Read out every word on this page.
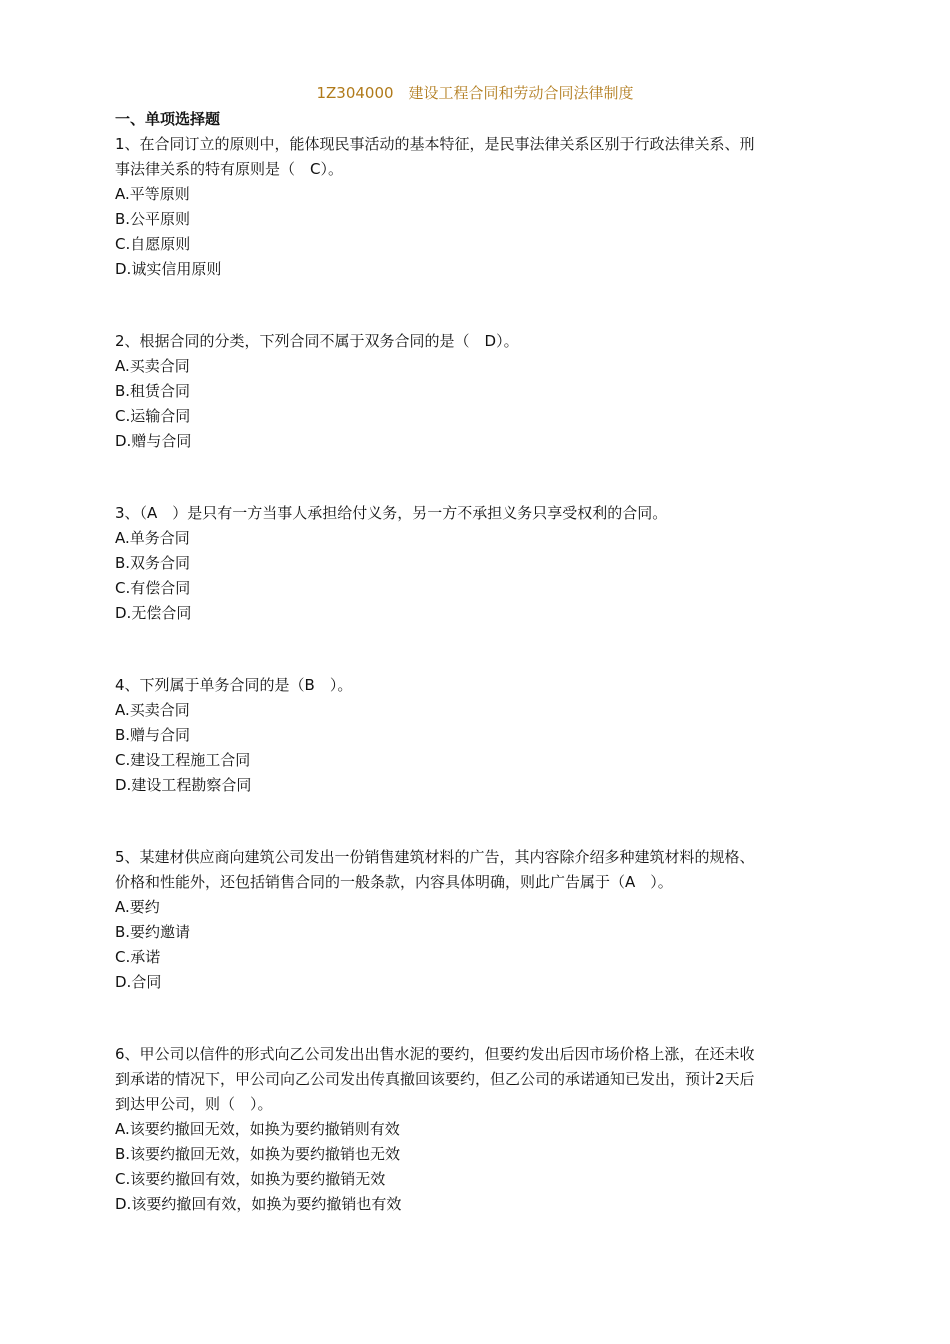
1Z304000　建设工程合同和劳动合同法律制度
一、单项选择题

1、在合同订立的原则中，能体现民事活动的基本特征，是民事法律关系区别于行政法律关系、刑

事法律关系的特有原则是（　C）。

A.平等原则

B.公平原则

C.自愿原则

D.诚实信用原则

2、根据合同的分类，下列合同不属于双务合同的是（　D）。

A.买卖合同

B.租赁合同

C.运输合同

D.赠与合同

3、（A　）是只有一方当事人承担给付义务，另一方不承担义务只享受权利的合同。

A.单务合同

B.双务合同

C.有偿合同

D.无偿合同

4、下列属于单务合同的是（B　）。

A.买卖合同

B.赠与合同

C.建设工程施工合同

D.建设工程勘察合同

5、某建材供应商向建筑公司发出一份销售建筑材料的广告，其内容除介绍多种建筑材料的规格、

价格和性能外，还包括销售合同的一般条款，内容具体明确，则此广告属于（A　）。

A.要约

B.要约邀请

C.承诺

D.合同

6、甲公司以信件的形式向乙公司发出出售水泥的要约，但要约发出后因市场价格上涨，在还未收

到承诺的情况下，甲公司向乙公司发出传真撤回该要约，但乙公司的承诺通知已发出，预计2天后

到达甲公司，则（　）。

A.该要约撤回无效，如换为要约撤销则有效

B.该要约撤回无效，如换为要约撤销也无效

C.该要约撤回有效，如换为要约撤销无效

D.该要约撤回有效，如换为要约撤销也有效
